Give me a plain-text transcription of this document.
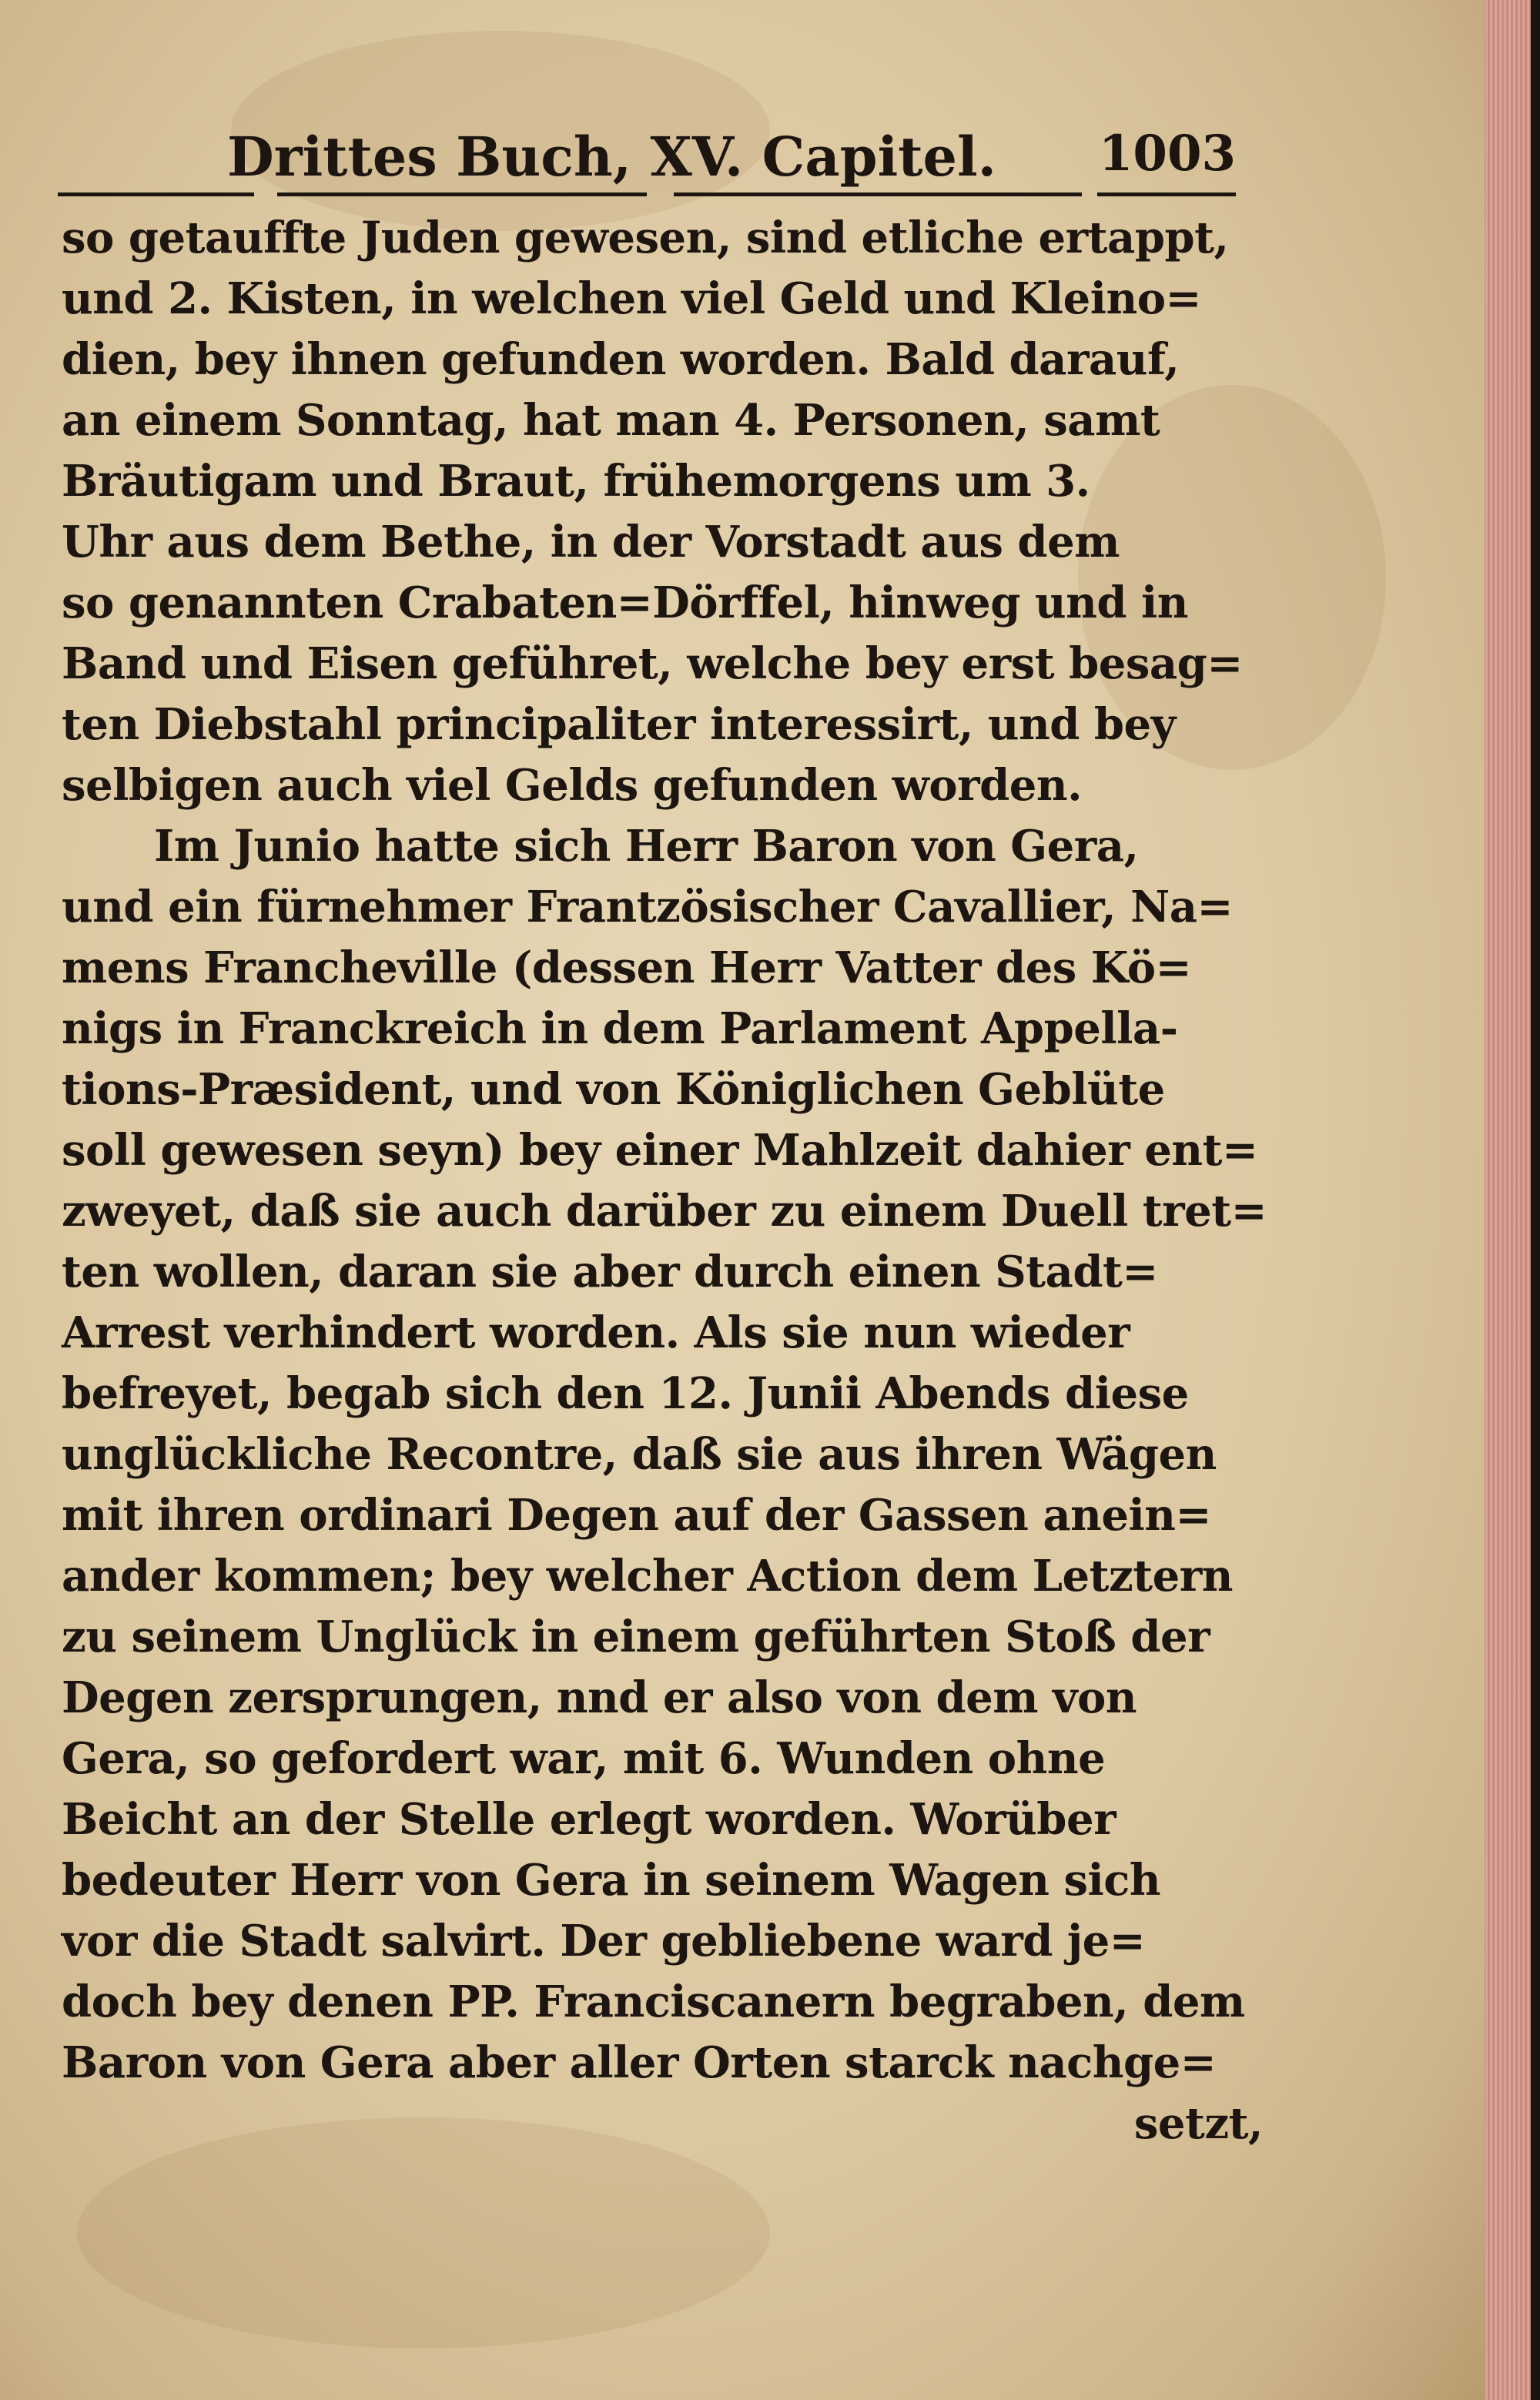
Drittes Buch, XV. Capitel. 1003
so getauffte Juden gewesen, sind etliche ertappt,
und 2. Kisten, in welchen viel Geld und Kleino=
dien, bey ihnen gefunden worden. Bald darauf,
an einem Sonntag, hat man 4. Personen, samt
Bräutigam und Braut, frühemorgens um 3.
Uhr aus dem Bethe, in der Vorstadt aus dem
so genannten Crabaten=Dörffel, hinweg und in
Band und Eisen geführet, welche bey erst besag=
ten Diebstahl principaliter interessirt, und bey
selbigen auch viel Gelds gefunden worden.
Im Junio hatte sich Herr Baron von Gera,
und ein fürnehmer Frantzösischer Cavallier, Na=
mens Francheville (dessen Herr Vatter des Kö=
nigs in Franckreich in dem Parlament Appella-
tions-Præsident, und von Königlichen Geblüte
soll gewesen seyn) bey einer Mahlzeit dahier ent=
zweyet, daß sie auch darüber zu einem Duell tret=
ten wollen, daran sie aber durch einen Stadt=
Arrest verhindert worden. Als sie nun wieder
befreyet, begab sich den 12. Junii Abends diese
unglückliche Recontre, daß sie aus ihren Wägen
mit ihren ordinari Degen auf der Gassen anein=
ander kommen; bey welcher Action dem Letztern
zu seinem Unglück in einem geführten Stoß der
Degen zersprungen, nnd er also von dem von
Gera, so gefordert war, mit 6. Wunden ohne
Beicht an der Stelle erlegt worden. Worüber
bedeuter Herr von Gera in seinem Wagen sich
vor die Stadt salvirt. Der gebliebene ward je=
doch bey denen PP. Franciscanern begraben, dem
Baron von Gera aber aller Orten starck nachge=
setzt,
